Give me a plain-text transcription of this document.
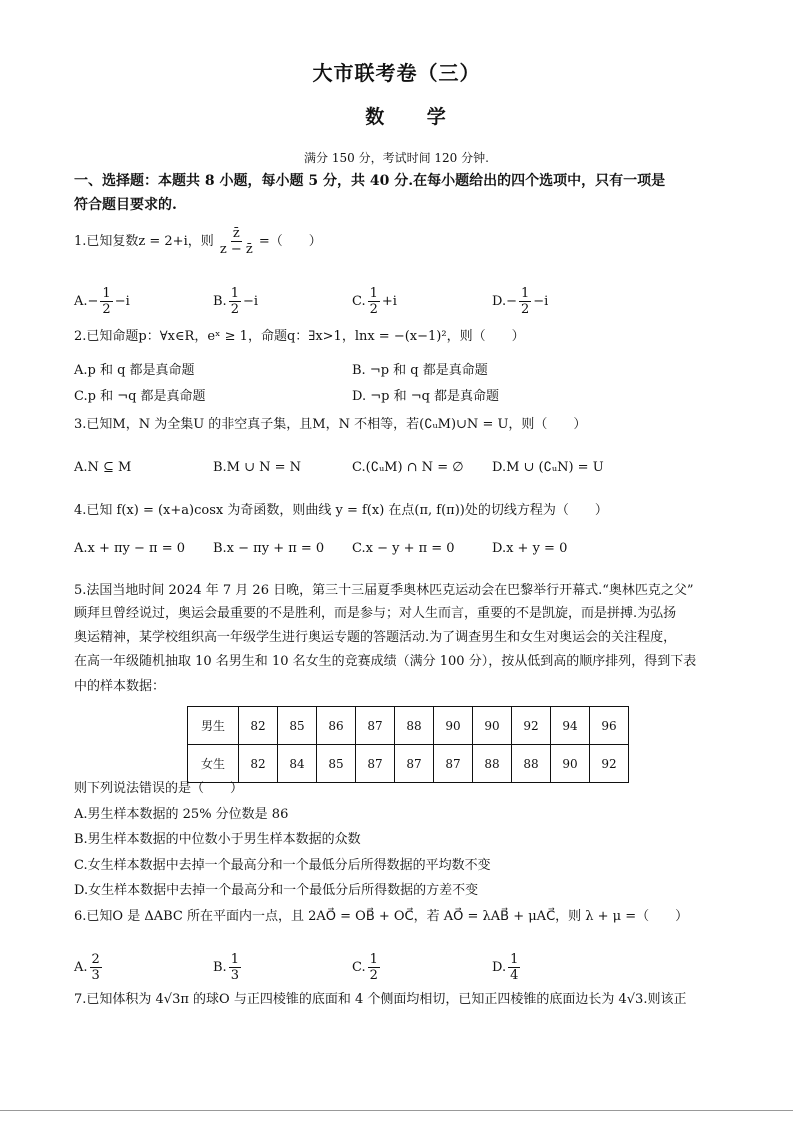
大市联考卷（三）
数 学
满分 150 分，考试时间 120 分钟.
一、选择题：本题共 8 小题，每小题 5 分，共 40 分.在每小题给出的四个选项中，只有一项是
符合题目要求的.
1.已知复数z = 2+i，则 $\frac{z̄}{z - z̄}$ =（　　）
$A.- \frac{1}{2} -i$	B. $\frac{1}{2} -i$	C. $\frac{1}{2} +i$	$D.- \frac{1}{2} -i$
2.已知命题p：∀x∈R，eˣ ≥ 1，命题q：∃x>1，lnx = −(x−1)²，则（　　）
A.p 和 q 都是真命题	B. ¬p 和 q 都是真命题
C.p 和 ¬q 都是真命题	D. ¬p 和 ¬q 都是真命题
3.已知M，N 为全集U 的非空真子集，且M，N 不相等，若(∁ᵤM)∪N = U，则（　　）
A.N ⊆ M	B.M ∪ N = N	C.(∁ᵤM) ∩ N = ∅ D.M ∪ (∁ᵤN) = U
4.已知 f(x) = (x+a)cosx 为奇函数，则曲线 y = f(x) 在点(π, f(π))处的切线方程为（　　）
A.x + πy − π = 0 B.x − πy + π = 0 C.x − y + π = 0	D.x + y = 0
5.法国当地时间 2024 年 7 月 26 日晚，第三十三届夏季奥林匹克运动会在巴黎举行开幕式.“奥林匹克之父”
顾拜旦曾经说过，奥运会最重要的不是胜利，而是参与；对人生而言，重要的不是凯旋，而是拼搏.为弘扬
奥运精神，某学校组织高一年级学生进行奥运专题的答题活动.为了调查男生和女生对奥运会的关注程度，
在高一年级随机抽取 10 名男生和 10 名女生的竞赛成绩（满分 100 分），按从低到高的顺序排列，得到下表
中的样本数据：
男生	82	85	86	87	88	90	90	92	94	96
女生	82	84	85	87	87	87	88	88	90	92
则下列说法错误的是（　　）
A.男生样本数据的 25% 分位数是 86
B.男生样本数据的中位数小于男生样本数据的众数
C.女生样本数据中去掉一个最高分和一个最低分后所得数据的平均数不变
D.女生样本数据中去掉一个最高分和一个最低分后所得数据的方差不变
6.已知O 是 ΔABC 所在平面内一点，且 2AO⃗ = OB⃗ + OC⃗，若 AO⃗ = λAB⃗ + μAC⃗，则 λ + μ =（　　）
A. $\frac{2}{3}$	B. $\frac{1}{3}$	C. $\frac{1}{2}$	D. $\frac{1}{4}$
7.已知体积为 4√3π 的球O 与正四棱锥的底面和 4 个侧面均相切，已知正四棱锥的底面边长为 4√3.则该正
